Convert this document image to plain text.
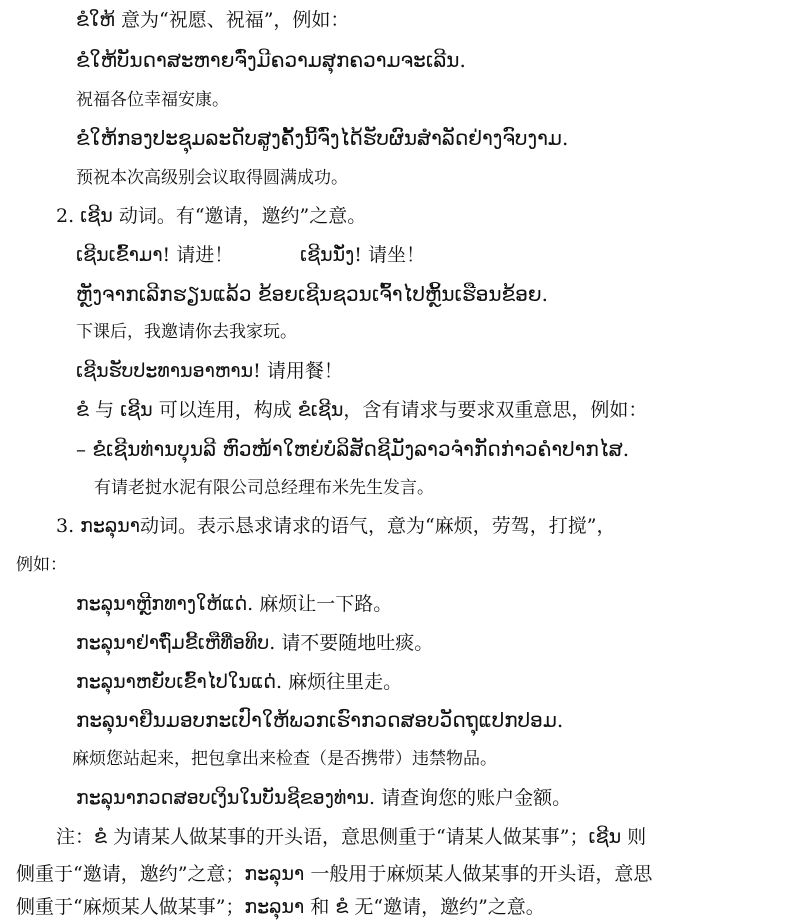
ຂໍໃຫ້ 意为“祝愿、祝福”，例如：
ຂໍໃຫ້ບັນດາສະຫາຍຈົ່ງມີຄວາມສຸກຄວາມຈະເລີນ.
祝福各位幸福安康。
ຂໍໃຫ້ກອງປະຊຸມລະດັບສູງຄັ້ງນີ້ຈົ່ງໄດ້ຮັບຜົນສຳລັດຢ່າງຈົບງາມ.
预祝本次高级别会议取得圆满成功。
2. ເຊີນ 动词。有“邀请，邀约”之意。
ເຊີນເຂົ້າມາ! 请进！	ເຊີນນັ່ງ! 请坐！
ຫຼັງຈາກເລີກຮຽນແລ້ວ ຂ້ອຍເຊີນຊວນເຈົ້າໄປຫຼິ້ນເຮືອນຂ້ອຍ.
下课后，我邀请你去我家玩。
ເຊີນຮັບປະທານອາຫານ! 请用餐！
ຂໍ 与 ເຊີນ 可以连用，构成 ຂໍເຊີນ，含有请求与要求双重意思，例如：
– ຂໍເຊີນທ່ານບຸນລີ ຫົວໜ້າໃຫຍ່ບໍລິສັດຊີມັງລາວຈຳກັດກ່າວຄຳປາກໄສ.
有请老挝水泥有限公司总经理布米先生发言。
3. ກະລຸນາ动词。表示恳求请求的语气，意为“麻烦，劳驾，打搅”，
例如：
ກະລຸນາຫຼີກທາງໃຫ້ແດ່. 麻烦让一下路。
ກະລຸນາຢ່າຖົ່ມຂີ້ເຫືທື່ອທິບ. 请不要随地吐痰。
ກະລຸນາຫຍັບເຂົ້າໄປໃນແດ່. 麻烦往里走。
ກະລຸນາຢືນມອບກະເປົາໃຫ້ພວກເຮົາກວດສອບວັດຖຸແປກປອມ.
麻烦您站起来，把包拿出来检查（是否携带）违禁物品。
ກະລຸນາກວດສອບເງິນໃນບັນຊີຂອງທ່ານ. 请查询您的账户金额。
注：ຂໍ 为请某人做某事的开头语，意思侧重于“请某人做某事”；ເຊີນ 则
侧重于“邀请，邀约”之意；ກະລຸນາ 一般用于麻烦某人做某事的开头语，意思
侧重于“麻烦某人做某事”；ກະລຸນາ 和 ຂໍ 无“邀请，邀约”之意。
